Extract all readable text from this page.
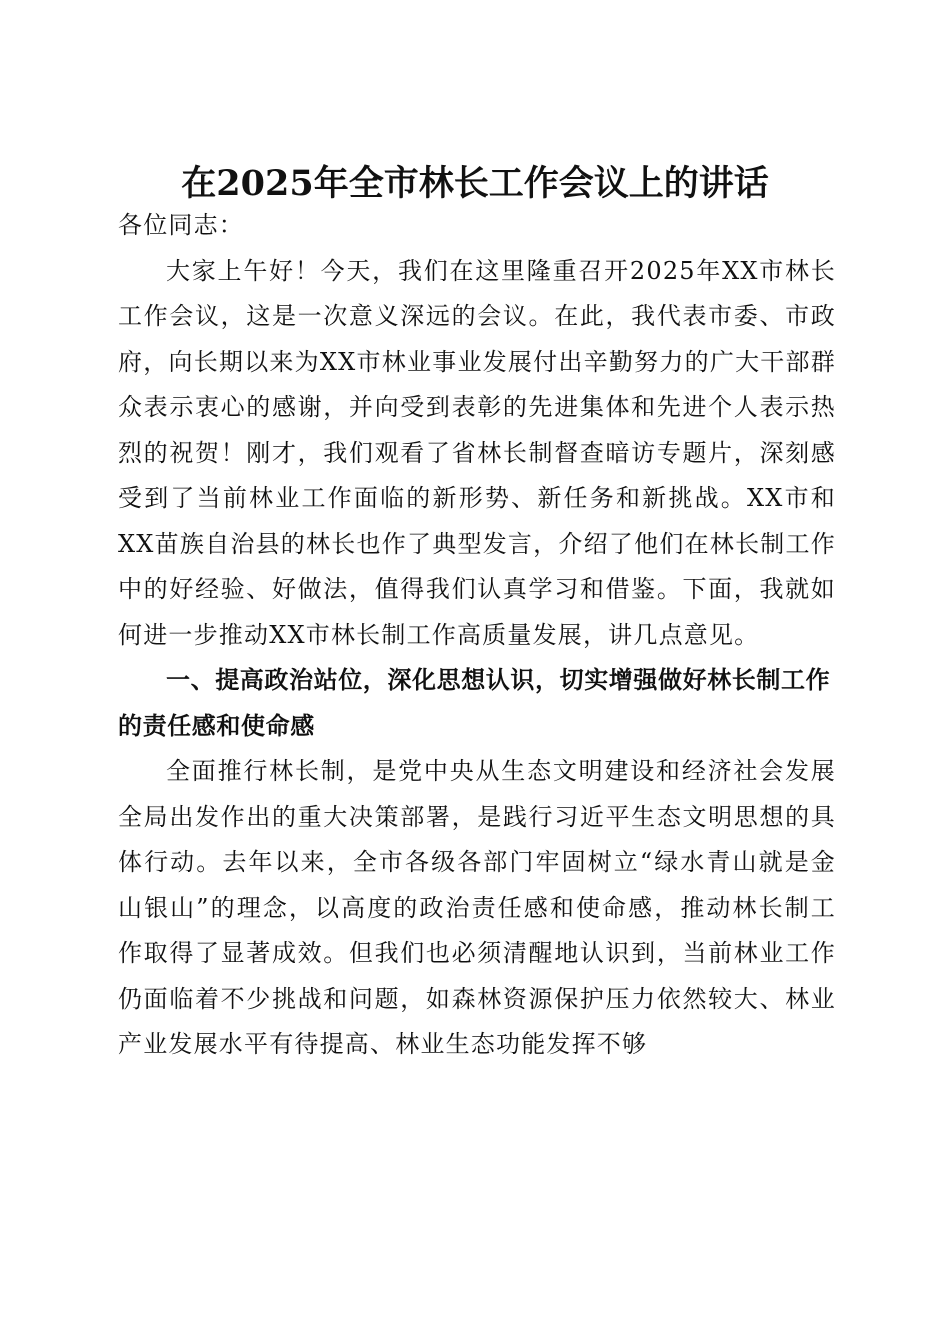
在2025年全市林长工作会议上的讲话

各位同志：

大家上午好！今天，我们在这里隆重召开2025年XX市林长工作会议，这是一次意义深远的会议。在此，我代表市委、市政府，向长期以来为XX市林业事业发展付出辛勤努力的广大干部群众表示衷心的感谢，并向受到表彰的先进集体和先进个人表示热烈的祝贺！刚才，我们观看了省林长制督查暗访专题片，深刻感受到了当前林业工作面临的新形势、新任务和新挑战。XX市和XX苗族自治县的林长也作了典型发言，介绍了他们在林长制工作中的好经验、好做法，值得我们认真学习和借鉴。下面，我就如何进一步推动XX市林长制工作高质量发展，讲几点意见。

一、提高政治站位，深化思想认识，切实增强做好林长制工作的责任感和使命感

全面推行林长制，是党中央从生态文明建设和经济社会发展全局出发作出的重大决策部署，是践行习近平生态文明思想的具体行动。去年以来，全市各级各部门牢固树立“绿水青山就是金山银山”的理念，以高度的政治责任感和使命感，推动林长制工作取得了显著成效。但我们也必须清醒地认识到，当前林业工作仍面临着不少挑战和问题，如森林资源保护压力依然较大、林业产业发展水平有待提高、林业生态功能发挥不够
